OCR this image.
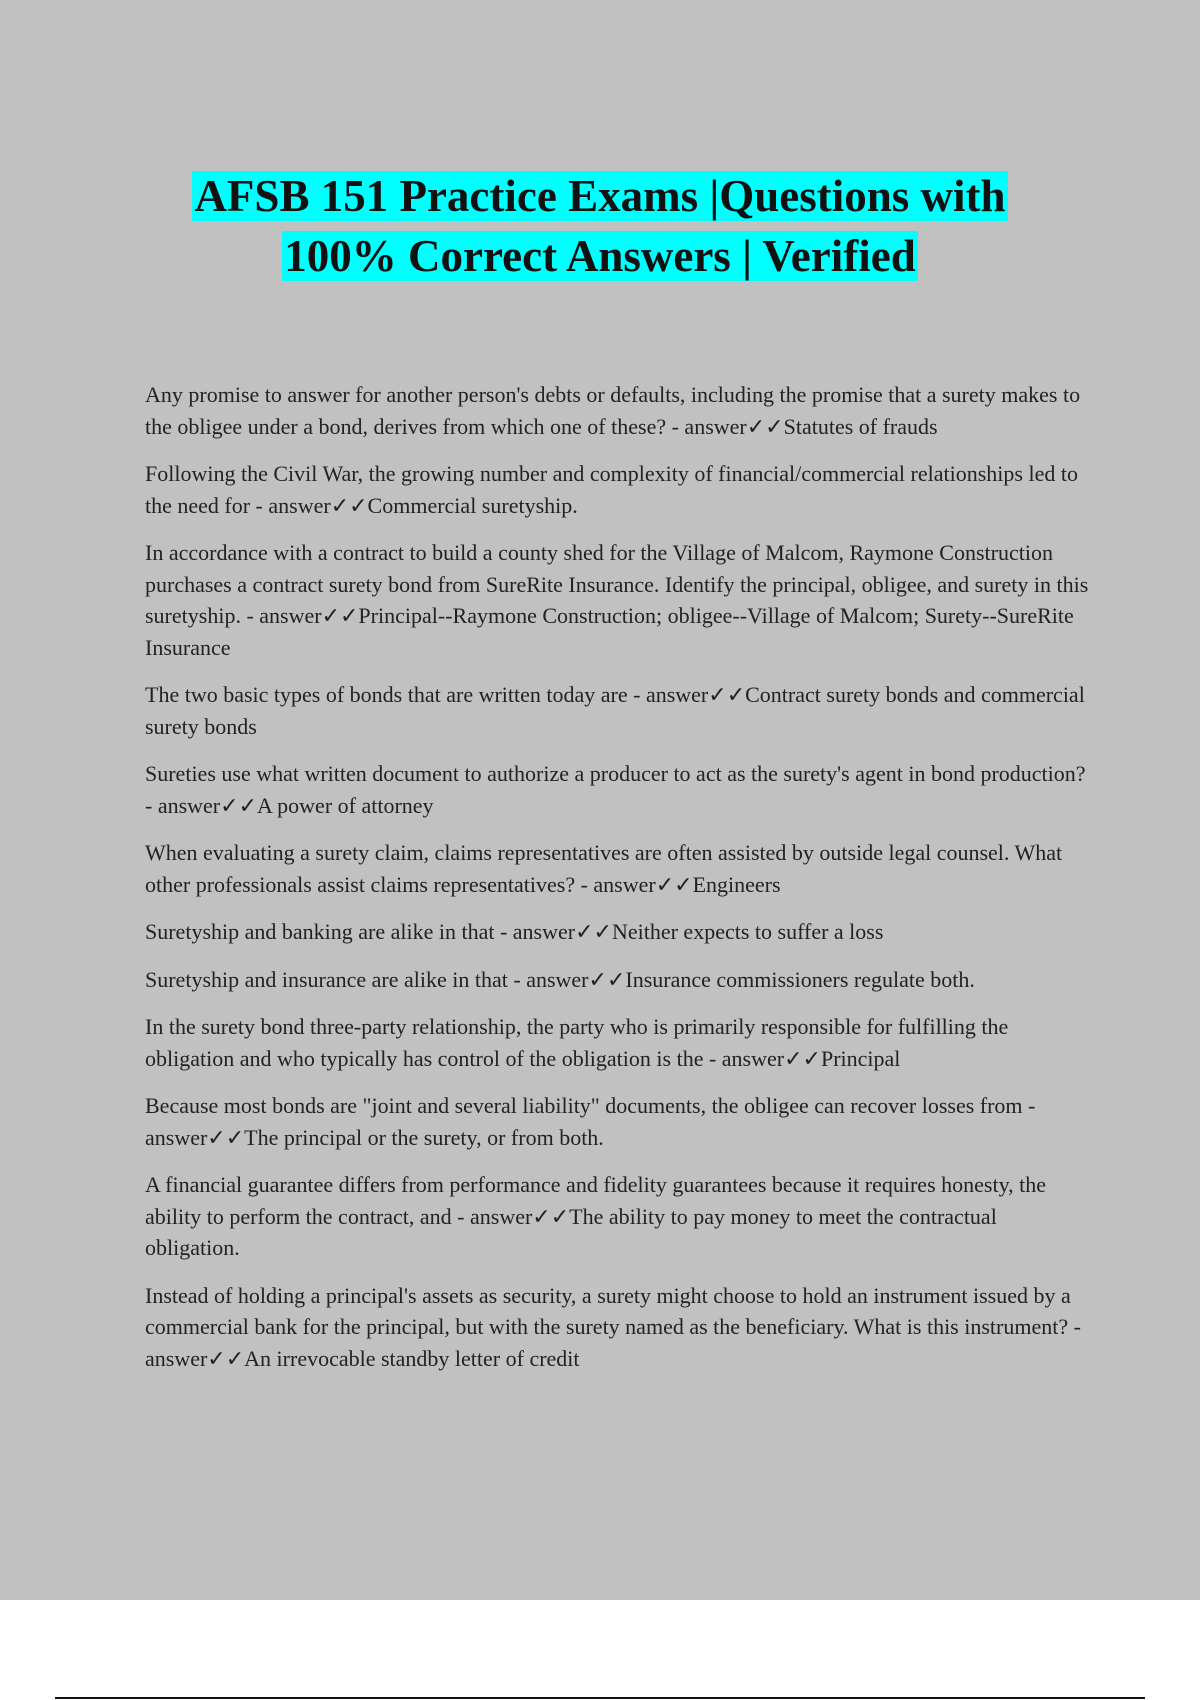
AFSB 151 Practice Exams |Questions with
100% Correct Answers | Verified
Any promise to answer for another person's debts or defaults, including the promise that a surety makes to the obligee under a bond, derives from which one of these? - answer✓✓Statutes of frauds
Following the Civil War, the growing number and complexity of financial/commercial relationships led to the need for - answer✓✓Commercial suretyship.
In accordance with a contract to build a county shed for the Village of Malcom, Raymone Construction purchases a contract surety bond from SureRite Insurance. Identify the principal, obligee, and surety in this suretyship. - answer✓✓Principal--Raymone Construction; obligee--Village of Malcom; Surety--SureRite Insurance
The two basic types of bonds that are written today are - answer✓✓Contract surety bonds and commercial surety bonds
Sureties use what written document to authorize a producer to act as the surety's agent in bond production? - answer✓✓A power of attorney
When evaluating a surety claim, claims representatives are often assisted by outside legal counsel. What other professionals assist claims representatives? - answer✓✓Engineers
Suretyship and banking are alike in that - answer✓✓Neither expects to suffer a loss
Suretyship and insurance are alike in that - answer✓✓Insurance commissioners regulate both.
In the surety bond three-party relationship, the party who is primarily responsible for fulfilling the obligation and who typically has control of the obligation is the - answer✓✓Principal
Because most bonds are "joint and several liability" documents, the obligee can recover losses from - answer✓✓The principal or the surety, or from both.
A financial guarantee differs from performance and fidelity guarantees because it requires honesty, the ability to perform the contract, and - answer✓✓The ability to pay money to meet the contractual obligation.
Instead of holding a principal's assets as security, a surety might choose to hold an instrument issued by a commercial bank for the principal, but with the surety named as the beneficiary. What is this instrument? - answer✓✓An irrevocable standby letter of credit
